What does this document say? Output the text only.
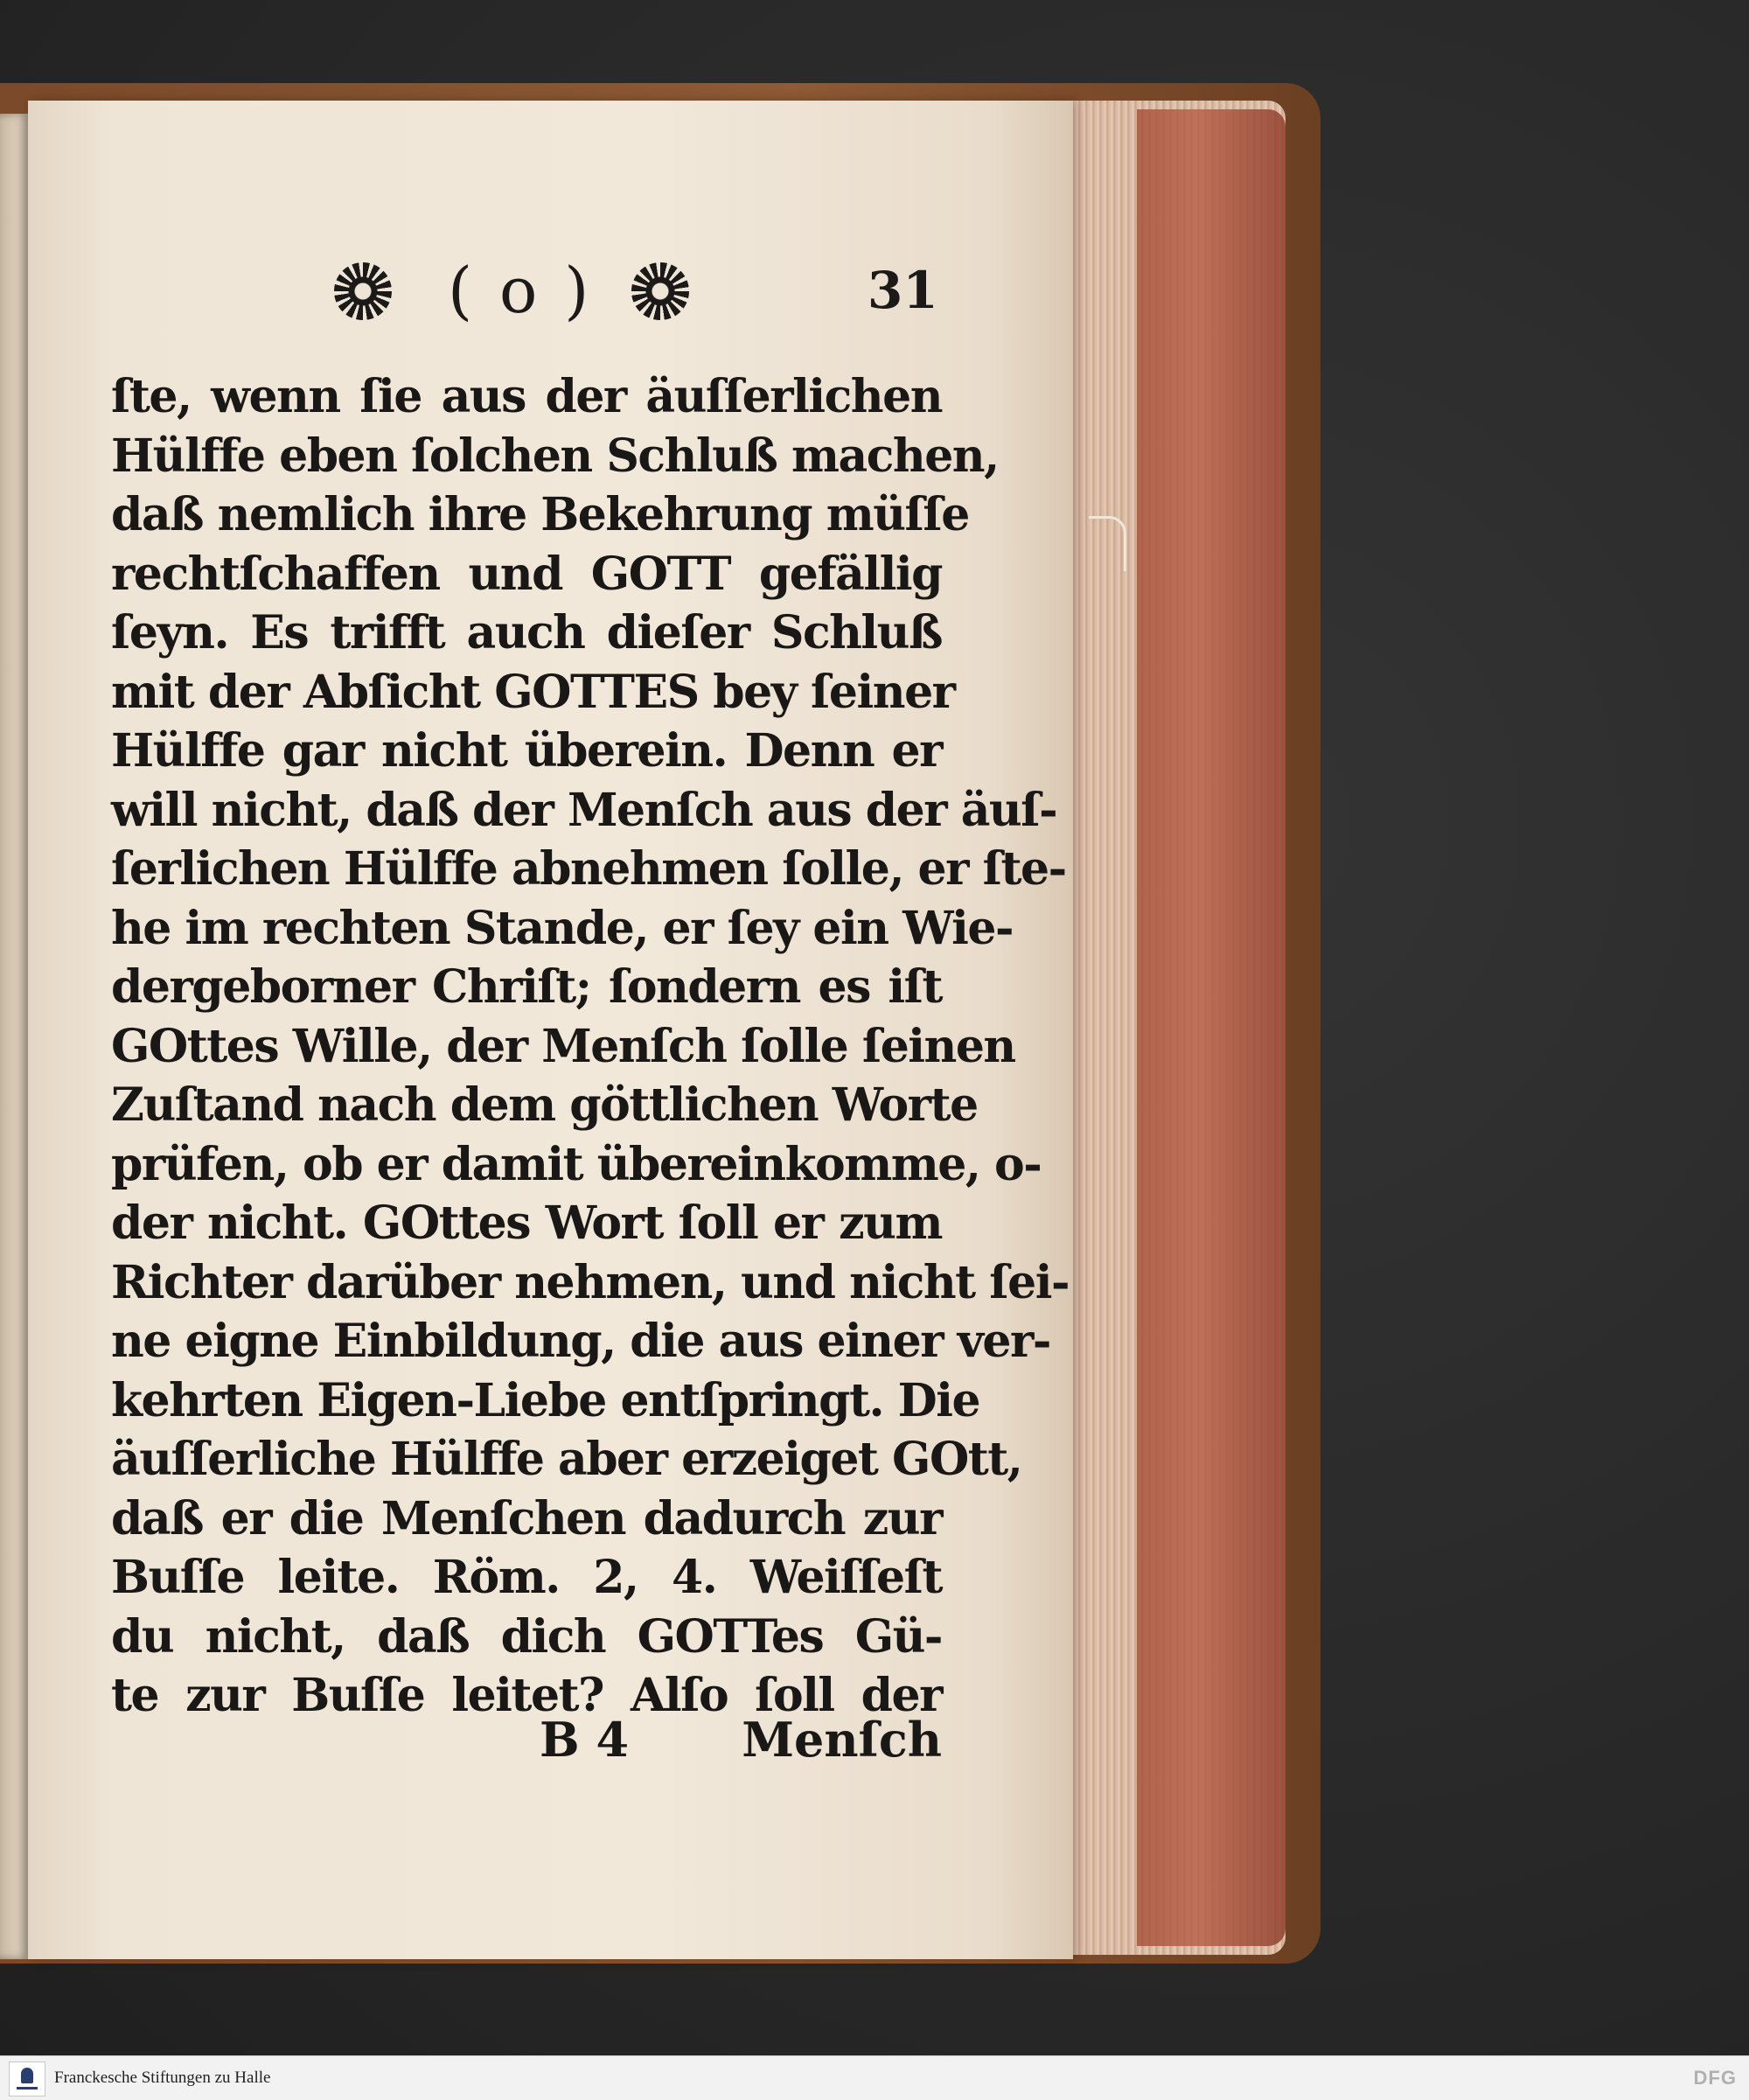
( o )	31
ſte, wenn ſie aus der äuſſerlichen
Hülffe eben ſolchen Schluß machen,
daß nemlich ihre Bekehrung müſſe
rechtſchaffen und GOTT gefällig
ſeyn. Es trifft auch dieſer Schluß
mit der Abſicht GOTTES bey ſeiner
Hülffe gar nicht überein. Denn er
will nicht, daß der Menſch aus der äuſ-
ſerlichen Hülffe abnehmen ſolle, er ſte-
he im rechten Stande, er ſey ein Wie-
dergeborner Chriſt; ſondern es iſt
GOttes Wille, der Menſch ſolle ſeinen
Zuſtand nach dem göttlichen Worte
prüfen, ob er damit übereinkomme, o-
der nicht. GOttes Wort ſoll er zum
Richter darüber nehmen, und nicht ſei-
ne eigne Einbildung, die aus einer ver-
kehrten Eigen-Liebe entſpringt. Die
äuſſerliche Hülffe aber erzeiget GOtt,
daß er die Menſchen dadurch zur
Buſſe leite. Röm. 2, 4. Weiſſeſt
du nicht, daß dich GOTTes Gü-
te zur Buſſe leitet? Alſo ſoll der
B 4 Menſch
Franckesche Stiftungen zu Halle	DFG
